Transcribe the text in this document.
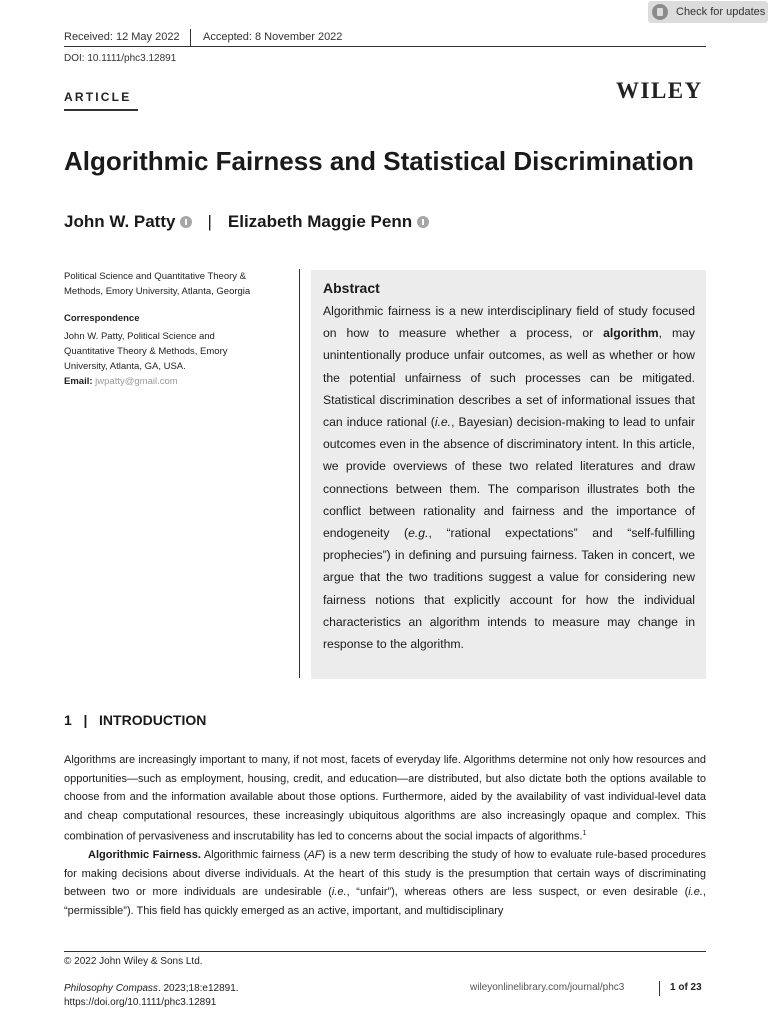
Check for updates
Received: 12 May 2022 Accepted: 8 November 2022
DOI: 10.1111/phc3.12891
ARTICLE	WILEY
Algorithmic Fairness and Statistical Discrimination
John W. Patty | Elizabeth Maggie Penn
Political Science and Quantitative Theory &
Methods, Emory University, Atlanta, Georgia
Correspondence
John W. Patty, Political Science and
Quantitative Theory & Methods, Emory
University, Atlanta, GA, USA.
Email: jwpatty@gmail.com
Abstract
Algorithmic fairness is a new interdisciplinary field of study focused on how to measure whether a process, or algorithm, may unintentionally produce unfair outcomes, as well as whether or how the potential unfairness of such processes can be mitigated. Statistical discrimination describes a set of informational issues that can induce rational (i.e., Bayesian) decision-making to lead to unfair outcomes even in the absence of discriminatory intent. In this article, we provide overviews of these two related literatures and draw connections between them. The comparison illustrates both the conflict between rationality and fairness and the importance of endogeneity (e.g., “rational expectations” and “self-fulfilling prophecies”) in defining and pursuing fairness. Taken in concert, we argue that the two traditions suggest a value for considering new fairness notions that explicitly account for how the individual characteristics an algorithm intends to measure may change in response to the algorithm.
1   |   INTRODUCTION

Algorithms are increasingly important to many, if not most, facets of everyday life. Algorithms determine not only how resources and opportunities—such as employment, housing, credit, and education—are distributed, but also dictate both the options available to choose from and the information available about those options. Furthermore, aided by the availability of vast individual-level data and cheap computational resources, these increasingly ubiquitous algorithms are also increasingly opaque and complex. This combination of pervasiveness and inscrutability has led to concerns about the social impacts of algorithms.$^1$

Algorithmic Fairness. Algorithmic fairness (AF) is a new term describing the study of how to evaluate rule-based procedures for making decisions about diverse individuals. At the heart of this study is the presumption that certain ways of discriminating between two or more individuals are undesirable (i.e., “unfair”), whereas others are less suspect, or even desirable (i.e., “permissible”). This field has quickly emerged as an active, important, and multidisciplinary

© 2022 John Wiley & Sons Ltd.
Philosophy Compass. 2023;18:e12891.
https://doi.org/10.1111/phc3.12891
wileyonlinelibrary.com/journal/phc3	1 of 23
